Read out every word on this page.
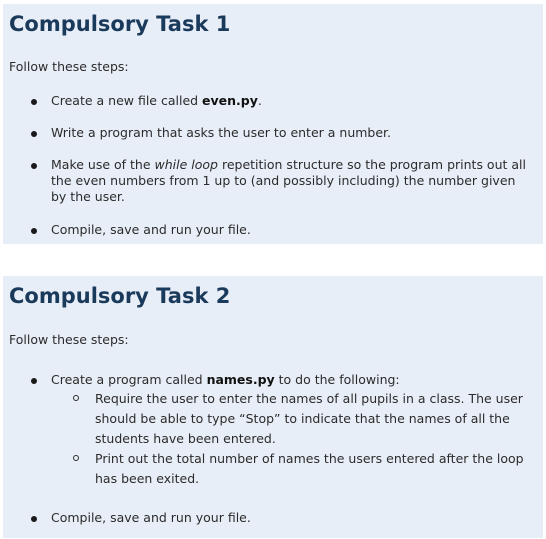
Compulsory Task 1
Follow these steps:
Create a new file called even.py.
Write a program that asks the user to enter a number.
Make use of the while loop repetition structure so the program prints out all the even numbers from 1 up to (and possibly including) the number given by the user.
Compile, save and run your file.
Compulsory Task 2
Follow these steps:
Create a program called names.py to do the following:
Require the user to enter the names of all pupils in a class. The user should be able to type “Stop” to indicate that the names of all the students have been entered.
Print out the total number of names the users entered after the loop has been exited.
Compile, save and run your file.
